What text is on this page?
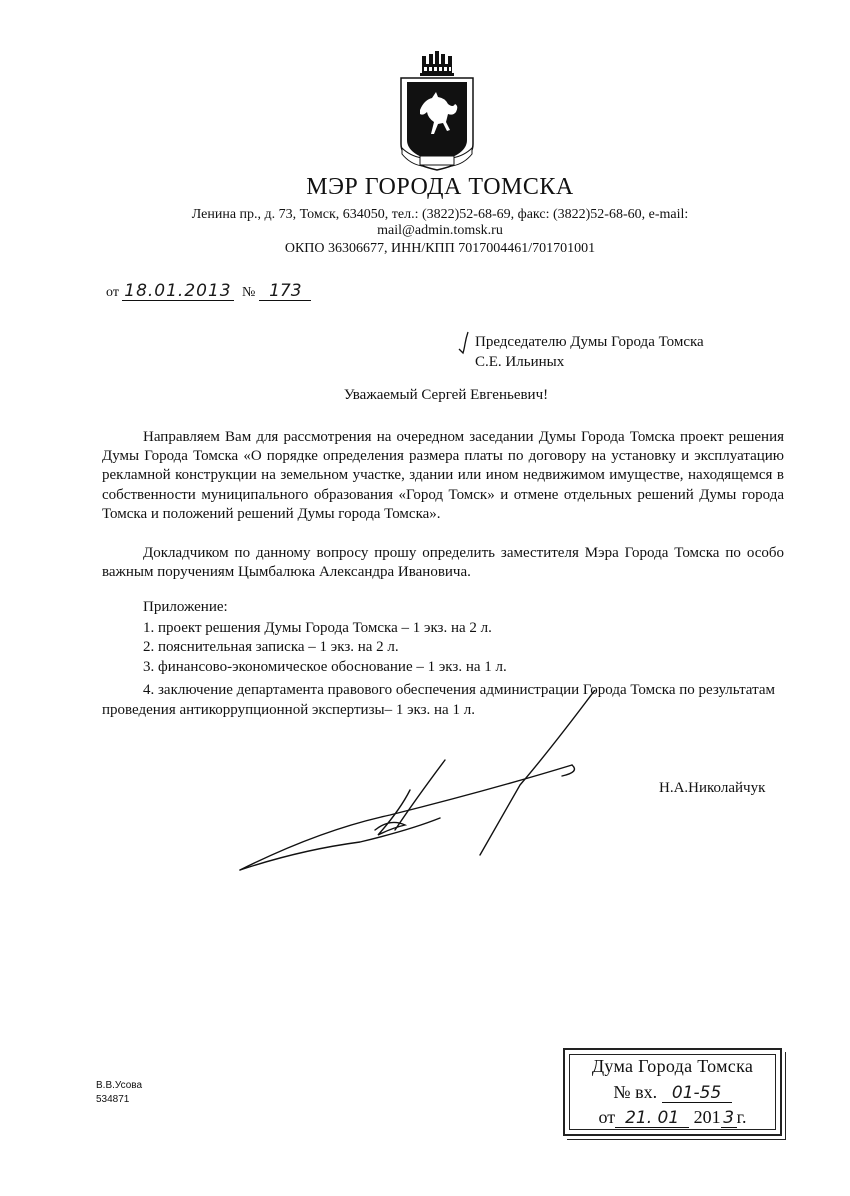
МЭР ГОРОДА ТОМСКА
Ленина пр., д. 73, Томск, 634050, тел.: (3822)52-68-69, факс: (3822)52-68-60, e-mail:
mail@admin.tomsk.ru
ОКПО 36306677, ИНН/КПП 7017004461/701701001
от 18.01.2013 № 173
Председателю Думы Города Томска
С.Е. Ильиных
Уважаемый Сергей Евгеньевич!
Направляем Вам для рассмотрения на очередном заседании Думы Города Томска проект решения Думы Города Томска «О порядке определения размера платы по договору на установку и эксплуатацию рекламной конструкции на земельном участке, здании или ином недвижимом имуществе, находящемся в собственности муниципального образования «Город Томск» и отмене отдельных решений Думы города Томска и положений решений Думы города Томска».
Докладчиком по данному вопросу прошу определить заместителя Мэра Города Томска по особо важным поручениям Цымбалюка Александра Ивановича.
Приложение:
1. проект решения Думы Города Томска – 1 экз. на 2 л.
2. пояснительная записка – 1 экз. на 2 л.
3. финансово-экономическое обоснование – 1 экз. на 1 л.
4. заключение департамента правового обеспечения администрации Города Томска по результатам проведения антикоррупционной экспертизы– 1 экз. на 1 л.
Н.А.Николайчук
В.В.Усова
534871
Дума Города Томска
№ вх. 01-55
от 21. 01 201 3 г.
